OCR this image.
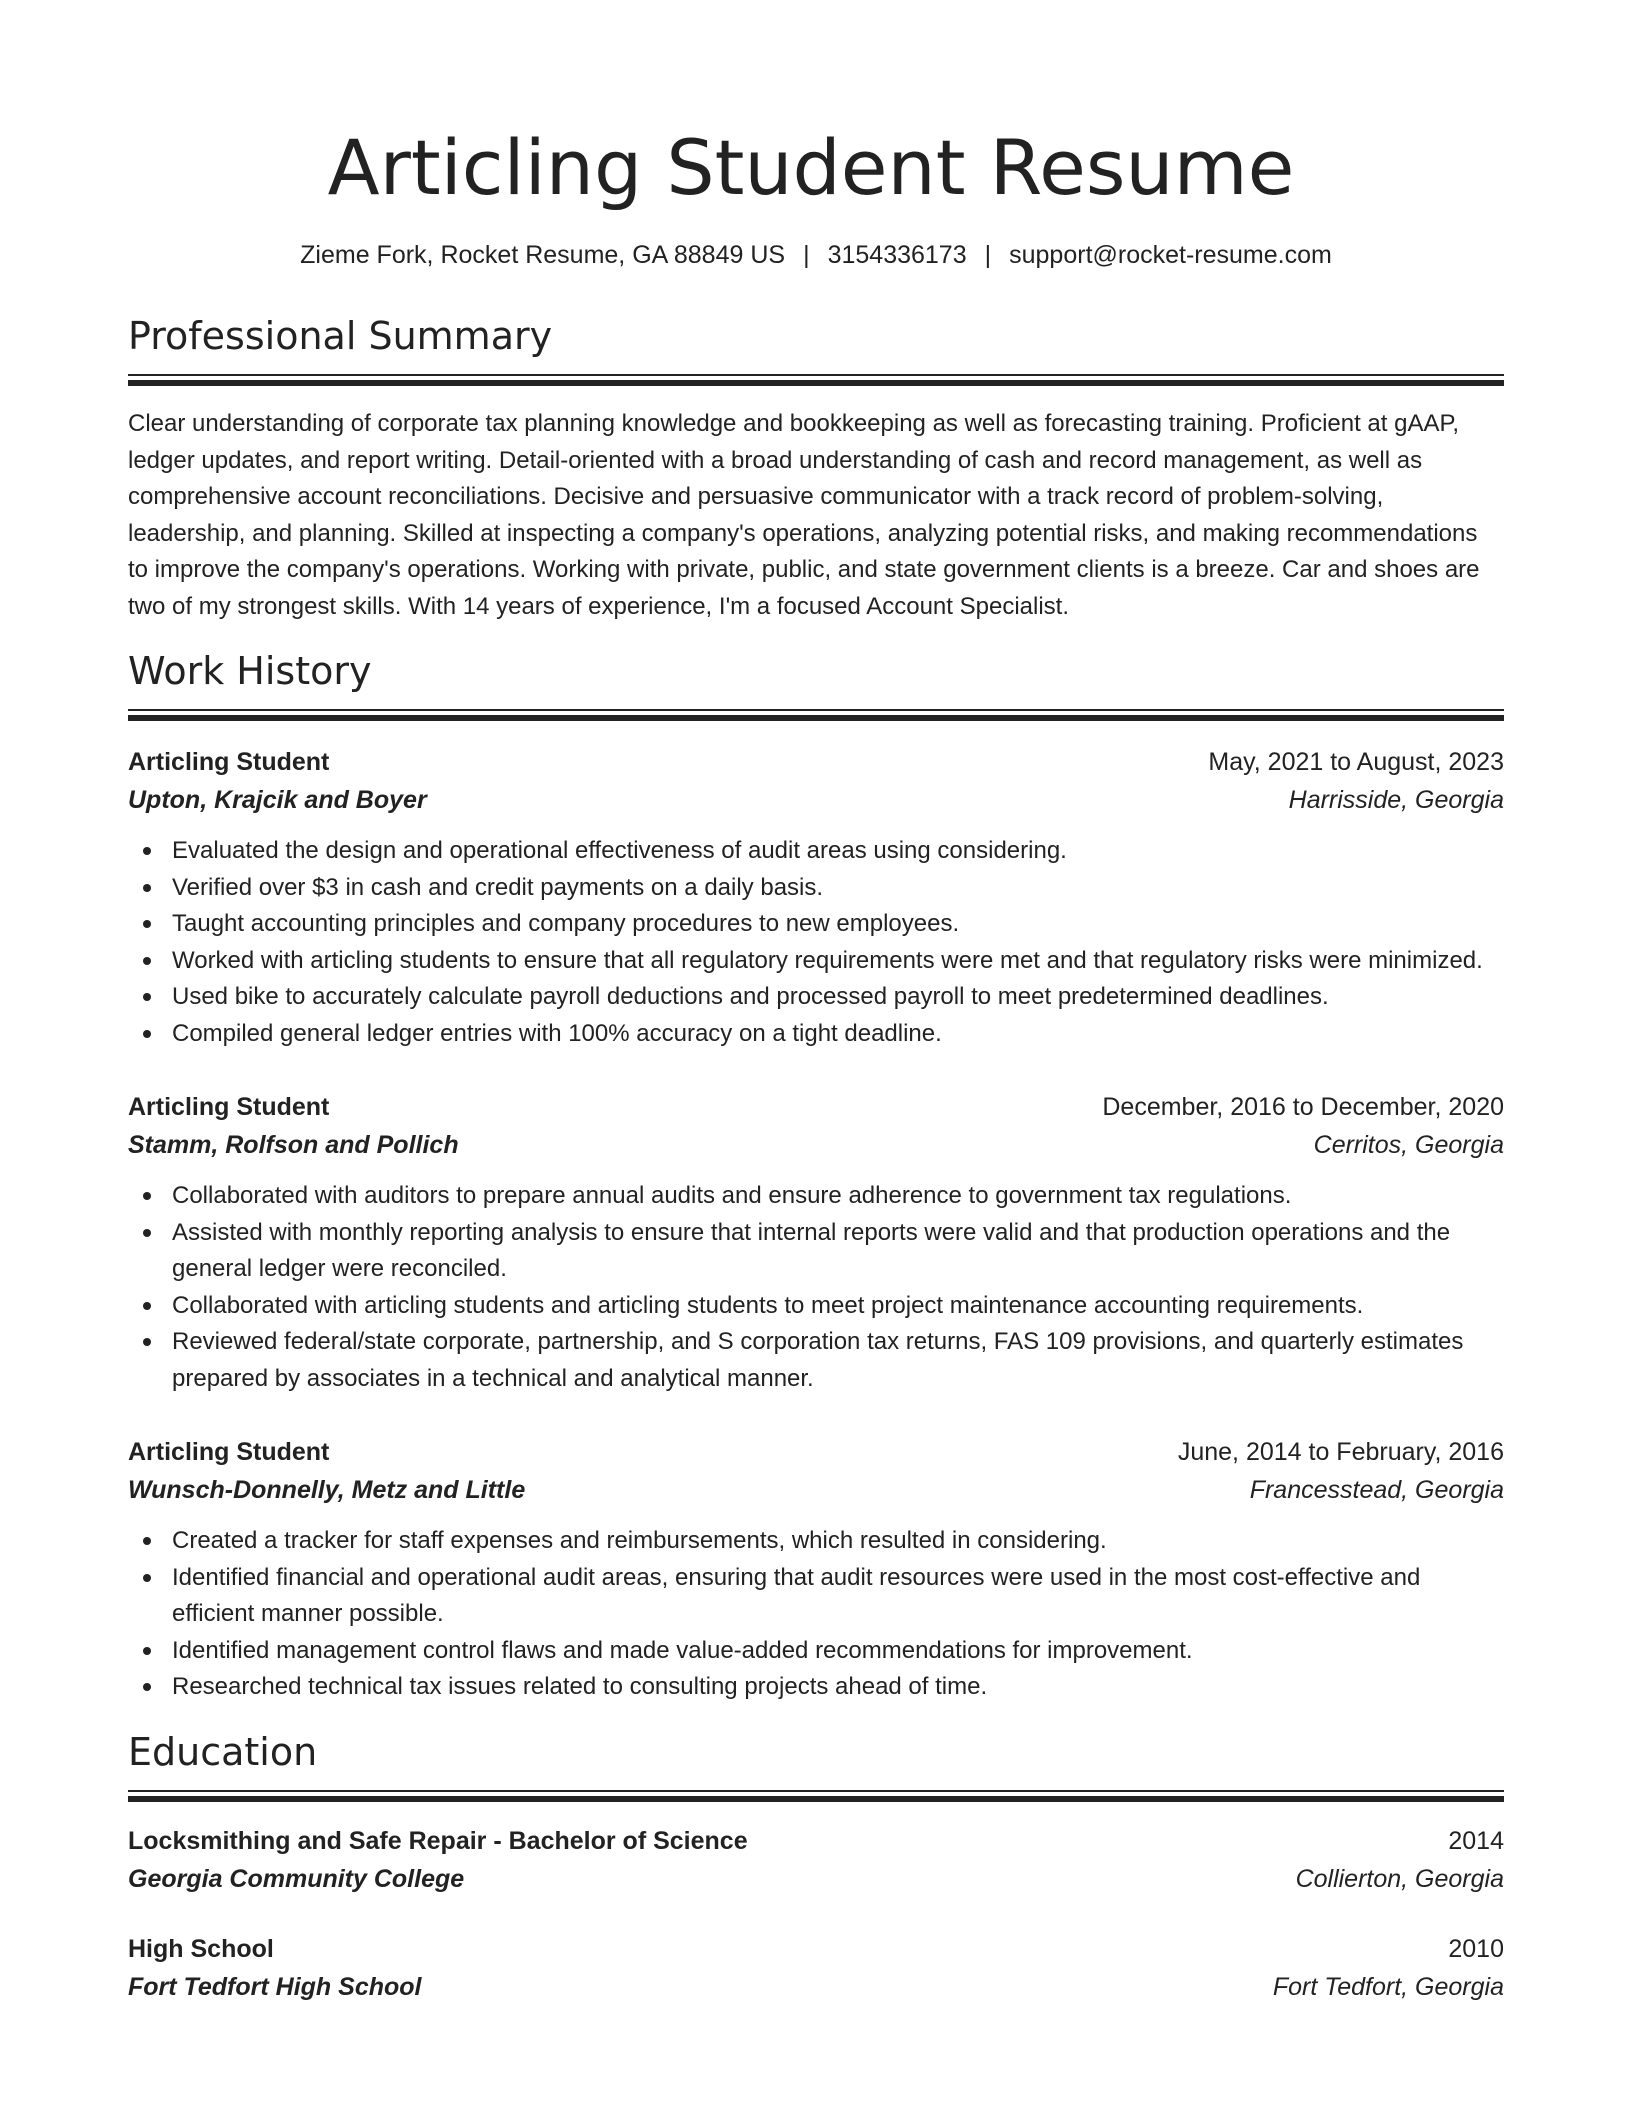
Articling Student Resume
Zieme Fork, Rocket Resume, GA 88849 US | 3154336173 | support@rocket-resume.com
Professional Summary

Clear understanding of corporate tax planning knowledge and bookkeeping as well as forecasting training. Proficient at gAAP, ledger updates, and report writing. Detail-oriented with a broad understanding of cash and record management, as well as comprehensive account reconciliations. Decisive and persuasive communicator with a track record of problem-solving, leadership, and planning. Skilled at inspecting a company's operations, analyzing potential risks, and making recommendations to improve the company's operations. Working with private, public, and state government clients is a breeze. Car and shoes are two of my strongest skills. With 14 years of experience, I'm a focused Account Specialist.

Work History
Articling Student	May, 2021 to August, 2023
Upton, Krajcik and Boyer	Harrisside, Georgia
Evaluated the design and operational effectiveness of audit areas using considering.
Verified over $3 in cash and credit payments on a daily basis.
Taught accounting principles and company procedures to new employees.
Worked with articling students to ensure that all regulatory requirements were met and that regulatory risks were minimized.
Used bike to accurately calculate payroll deductions and processed payroll to meet predetermined deadlines.
Compiled general ledger entries with 100% accuracy on a tight deadline.
Articling Student	December, 2016 to December, 2020
Stamm, Rolfson and Pollich	Cerritos, Georgia
Collaborated with auditors to prepare annual audits and ensure adherence to government tax regulations.
Assisted with monthly reporting analysis to ensure that internal reports were valid and that production operations and the general ledger were reconciled.
Collaborated with articling students and articling students to meet project maintenance accounting requirements.
Reviewed federal/state corporate, partnership, and S corporation tax returns, FAS 109 provisions, and quarterly estimates prepared by associates in a technical and analytical manner.
Articling Student	June, 2014 to February, 2016
Wunsch-Donnelly, Metz and Little	Francesstead, Georgia
Created a tracker for staff expenses and reimbursements, which resulted in considering.
Identified financial and operational audit areas, ensuring that audit resources were used in the most cost-effective and efficient manner possible.
Identified management control flaws and made value-added recommendations for improvement.
Researched technical tax issues related to consulting projects ahead of time.
Education
Locksmithing and Safe Repair - Bachelor of Science	2014
Georgia Community College	Collierton, Georgia
High School	2010
Fort Tedfort High School	Fort Tedfort, Georgia
